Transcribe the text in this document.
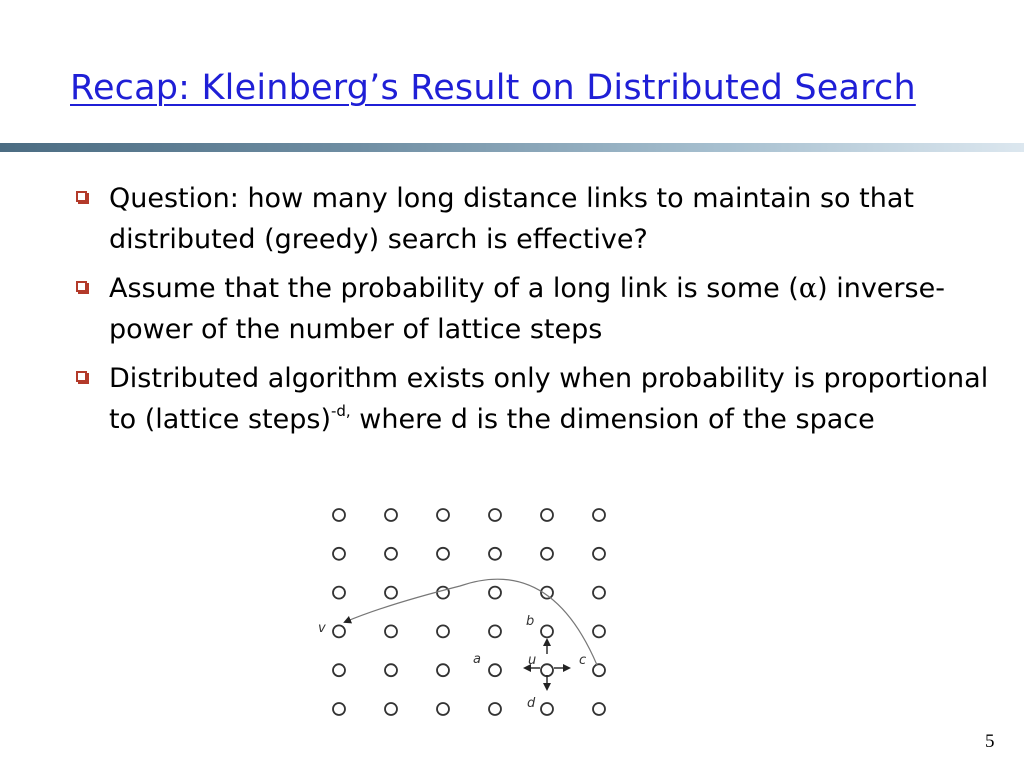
Recap: Kleinberg’s Result on Distributed Search
Question: how many long distance links to maintain so that distributed (greedy) search is effective?
Assume that the probability of a long link is some (α) inverse-power of the number of lattice steps
Distributed algorithm exists only when probability is proportional to (lattice steps)$^{-d,}$ where d is the dimension of the space
v	b
a	u	c
d
5
